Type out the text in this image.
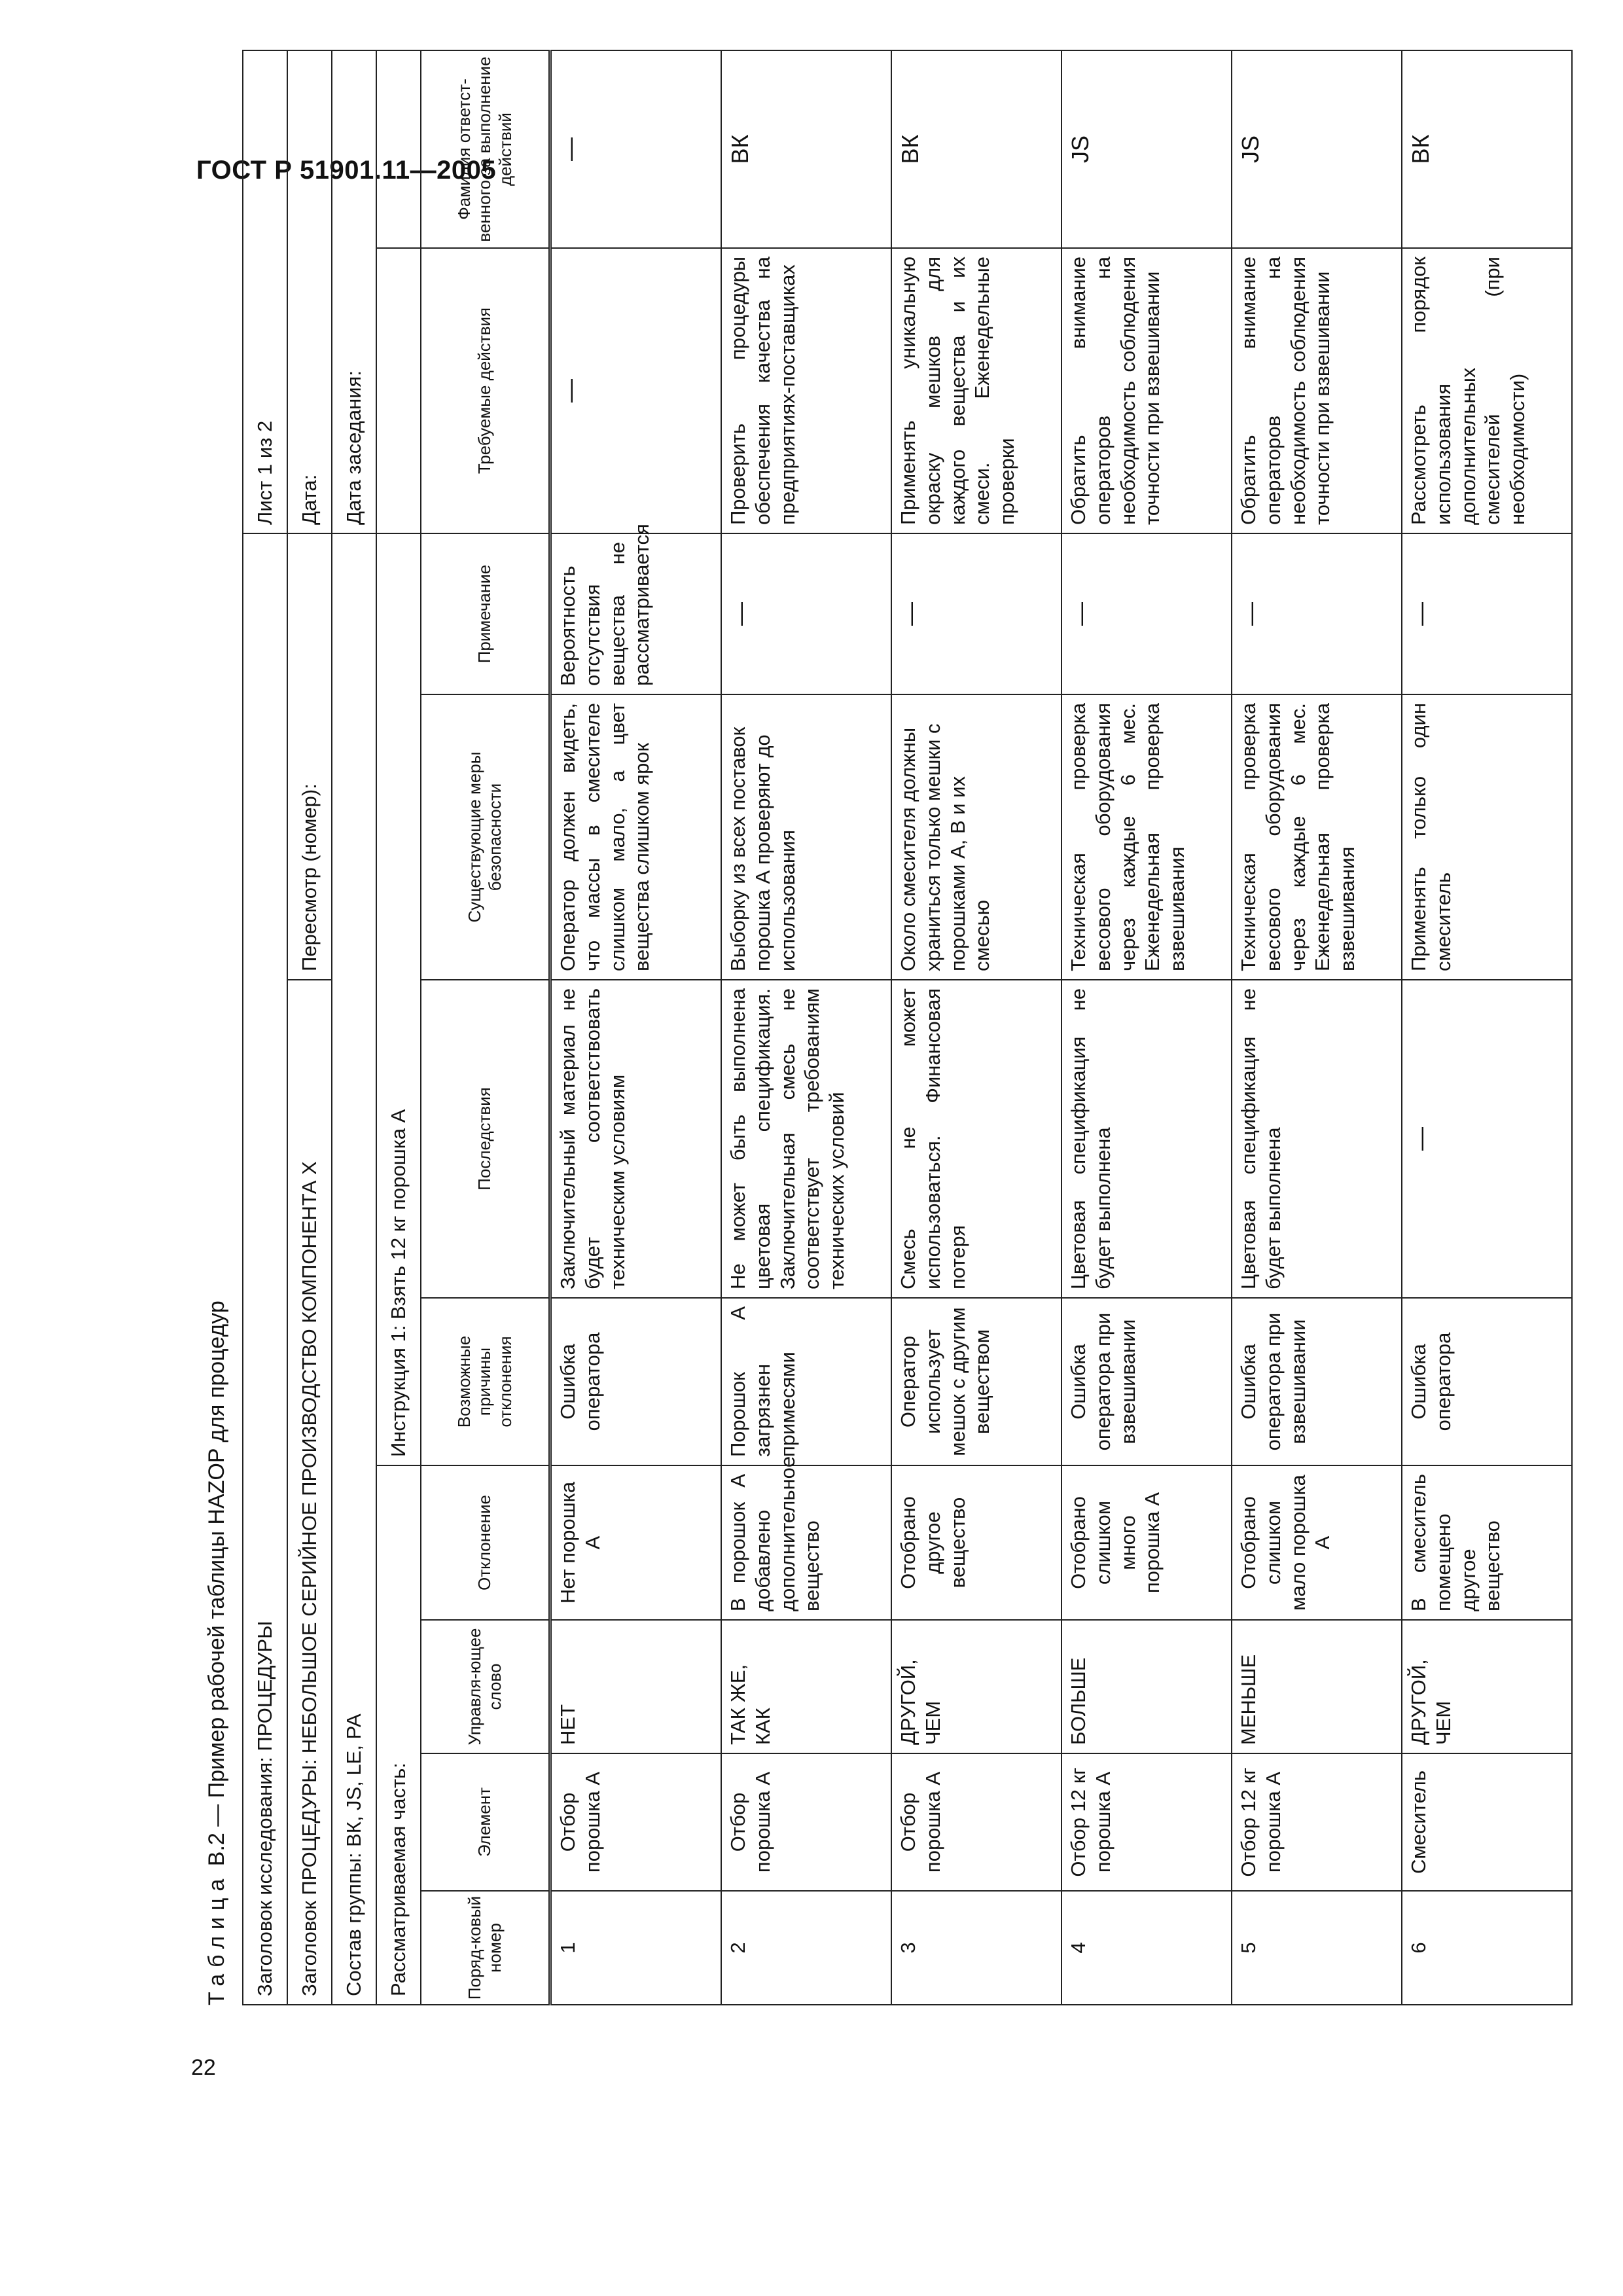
ГОСТ Р 51901.11—2005
Таблица В.2 — Пример рабочей таблицы HAZOP для процедур	Заголовок исследования: ПРОЦЕДУРЫ								Лист 1 из 2	
Заголовок ПРОЦЕДУРЫ: НЕБОЛЬШОЕ СЕРИЙНОЕ ПРОИЗВОДСТВО КОМПОНЕНТА X						Пересмотр (номер):		Дата:	
Состав группы: ВК, JS, LE, PA								Дата заседания:	
Рассматриваемая часть:				Инструкция 1: Взять 12 кг порошка А					
Поряд-ковый номер	Элемент	Управля-ющее слово	Отклонение	Возможные причины отклонения	Последствия	Существующие меры безопасности	Примечание	Требуемые действия	Фамилия ответст-венного за выполнение действий
1	Отбор порошка А	НЕТ	Нет порошка А	Ошибка оператора	Заключительный материал не будет соответствовать техническим условиям	Оператор должен видеть, что массы в смесителе слишком мало, а цвет вещества слишком ярок	Вероятность отсутствия вещества не рассматривается	—	—
2	Отбор порошка А	ТАК ЖЕ, КАК	В порошок А добавлено дополнительное вещество	Порошок А загрязнен примесями	Не может быть выполнена цветовая спецификация. Заключительная смесь не соответствует требованиям технических условий	Выборку из всех поставок порошка А проверяют до использования	—	Проверить процедуры обеспечения качества на предприятиях-поставщиках	ВК
3	Отбор порошка А	ДРУГОЙ, ЧЕМ	Отобрано другое вещество	Оператор использует мешок с другим веществом	Смесь не может использоваться. Финансовая потеря	Около смесителя должны храниться только мешки с порошками А, В и их смесью	—	Применять уникальную окраску мешков для каждого вещества и их смеси. Еженедельные проверки	ВК
4	Отбор 12 кг порошка А	БОЛЬШЕ	Отобрано слишком много порошка А	Ошибка оператора при взвешивании	Цветовая спецификация не будет выполнена	Техническая проверка весового оборудования через каждые 6 мес. Еженедельная проверка взвешивания	—	Обратить внимание операторов на необходимость соблюдения точности при взвешивании	JS
5	Отбор 12 кг порошка А	МЕНЬШЕ	Отобрано слишком мало порошка А	Ошибка оператора при взвешивании	Цветовая спецификация не будет выполнена	Техническая проверка весового оборудования через каждые 6 мес. Еженедельная проверка взвешивания	—	Обратить внимание операторов на необходимость соблюдения точности при взвешивании	JS
6	Смеситель	ДРУГОЙ, ЧЕМ	В смеситель помещено другое вещество	Ошибка оператора	—	Применять только один смеситель	—	Рассмотреть порядок использования дополнительных смесителей (при необходимости)	ВК
22
